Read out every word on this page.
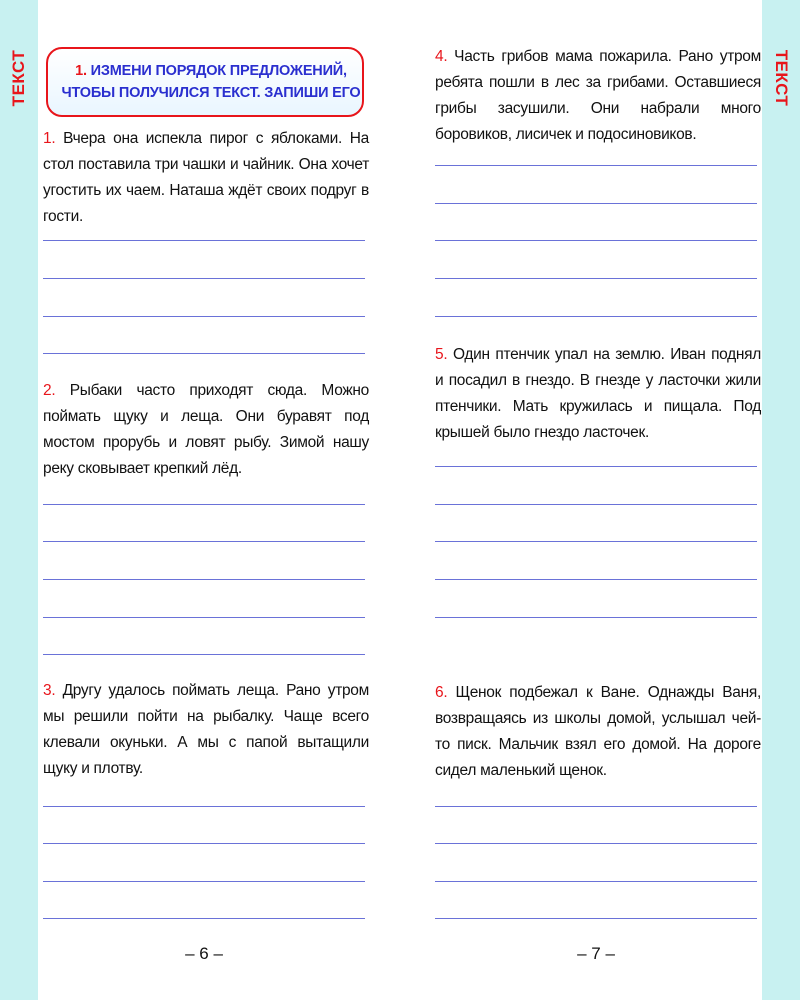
ТЕКСТ	ТЕКСТ
1. ИЗМЕНИ ПОРЯДОК ПРЕДЛОЖЕНИЙ,
ЧТОБЫ ПОЛУЧИЛСЯ ТЕКСТ. ЗАПИШИ ЕГО

1. Вчера она испекла пирог с яблоками. На стол поставила три чашки и чайник. Она хочет угостить их чаем. Наташа ждёт своих подруг в гости.

2. Рыбаки часто приходят сюда. Можно поймать щуку и леща. Они буравят под мостом прорубь и ловят рыбу. Зимой нашу реку сковывает крепкий лёд.

3. Другу удалось поймать леща. Рано утром мы решили пойти на рыбалку. Чаще всего клевали окуньки. А мы с папой вытащили щуку и плотву.

4. Часть грибов мама пожарила. Рано утром ребята пошли в лес за грибами. Оставшиеся грибы засушили. Они набрали много боровиков, лисичек и подосиновиков.

5. Один птенчик упал на землю. Иван поднял и посадил в гнездо. В гнезде у ласточки жили птенчики. Мать кружилась и пищала. Под крышей было гнездо ласточек.

6. Щенок подбежал к Ване. Однажды Ваня, возвращаясь из школы домой, услышал чей-то писк. Мальчик взял его домой. На дороге сидел маленький щенок.

– 6 –	– 7 –
